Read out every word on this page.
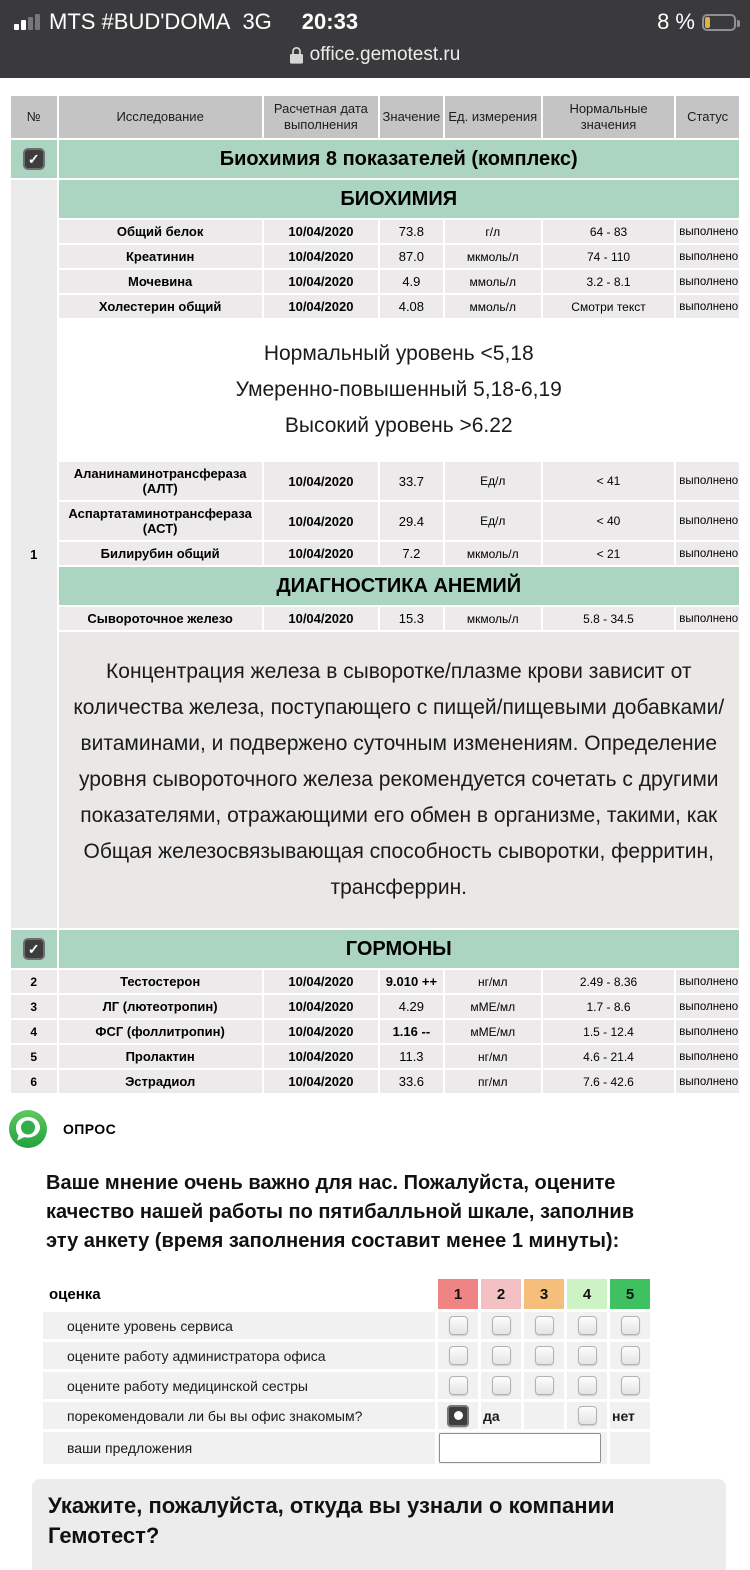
MTS #BUD'DOMA 3G 20:33	8 %
office.gemotest.ru
№	Исследование	Расчетная дата выполнения	Значение	Ед. измерения	Нормальные значения	Статус

✓	Биохимия 8 показателей (комплекс)					
1	БИОХИМИЯ					
	Общий белок	10/04/2020	73.8	г/л	64 - 83	выполнено
	Креатинин	10/04/2020	87.0	мкмоль/л	74 - 110	выполнено
	Мочевина	10/04/2020	4.9	ммоль/л	3.2 - 8.1	выполнено
	Холестерин общий	10/04/2020	4.08	ммоль/л	Смотри текст	выполнено

	Нормальный уровень <5,18
Умеренно-повышенный 5,18-6,19
Высокий уровень >6.22					

	Аланинаминотрансфераза (АЛТ)	10/04/2020	33.7	Ед/л	< 41	выполнено
	Аспартатаминотрансфераза (АСТ)	10/04/2020	29.4	Ед/л	< 40	выполнено
	Билирубин общий	10/04/2020	7.2	мкмоль/л	< 21	выполнено
	ДИАГНОСТИКА АНЕМИЙ					
	Сывороточное железо	10/04/2020	15.3	мкмоль/л	5.8 - 34.5	выполнено

	Концентрация железа в сыворотке/плазме крови зависит от количества железа, поступающего с пищей/пищевыми добавками/ витаминами, и подвержено суточным изменениям. Определение уровня сывороточного железа рекомендуется сочетать с другими показателями, отражающими его обмен в организме, такими, как Общая железосвязывающая способность сыворотки, ферритин, трансферрин.					

✓	ГОРМОНЫ					
2	Тестостерон	10/04/2020	9.010 ++	нг/мл	2.49 - 8.36	выполнено
3	ЛГ (лютеотропин)	10/04/2020	4.29	мМЕ/мл	1.7 - 8.6	выполнено
4	ФСГ (фоллитропин)	10/04/2020	1.16 --	мМЕ/мл	1.5 - 12.4	выполнено
5	Пролактин	10/04/2020	11.3	нг/мл	4.6 - 21.4	выполнено
6	Эстрадиол	10/04/2020	33.6	пг/мл	7.6 - 42.6	выполнено
ОПРОС

Ваше мнение очень важно для нас. Пожалуйста, оцените качество нашей работы по пятибалльной шкале, заполнив эту анкету (время заполнения составит менее 1 минуты):

оценка	1	2	3	4	5
оцените уровень сервиса					
оцените работу администратора офиса					
оцените работу медицинской сестры					
порекомендовали ли бы вы офис знакомым?		да			нет
ваши предложения		
Укажите, пожалуйста, откуда вы узнали о компании Гемотест?
